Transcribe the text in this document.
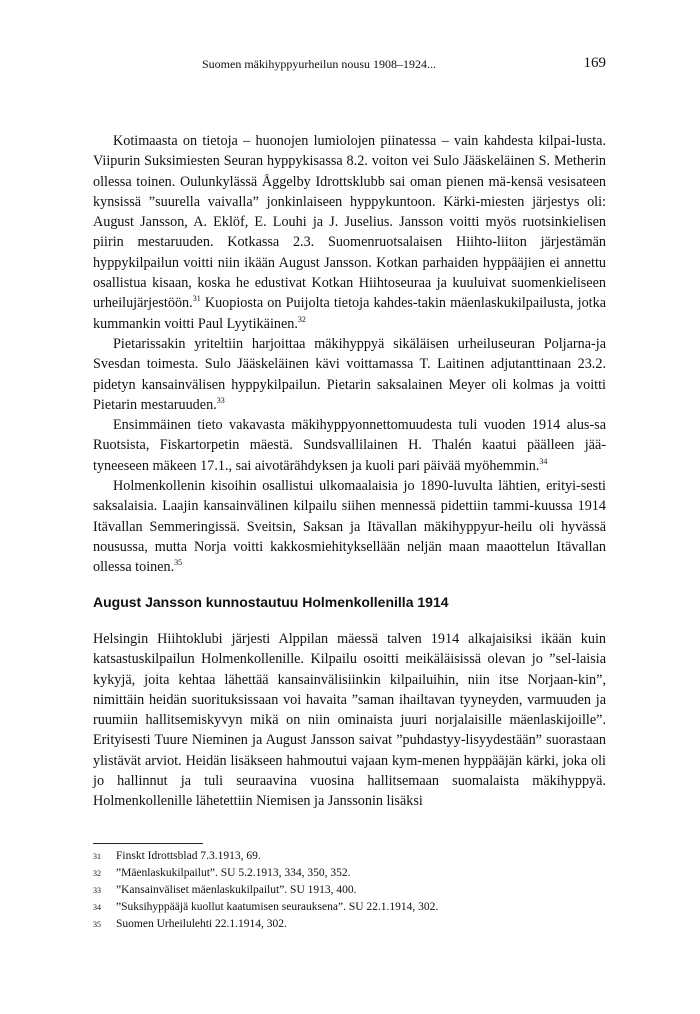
Suomen mäkihyppyurheilun nousu 1908–1924...	169

Kotimaasta on tietoja – huonojen lumiolojen piinatessa – vain kahdesta kilpai-lusta. Viipurin Suksimiesten Seuran hyppykisassa 8.2. voiton vei Sulo Jääskeläinen S. Metherin ollessa toinen. Oulunkylässä Åggelby Idrottsklubb sai oman pienen mä-kensä vesisateen kynsissä ”suurella vaivalla” jonkinlaiseen hyppykuntoon. Kärki-miesten järjestys oli: August Jansson, A. Eklöf, E. Louhi ja J. Juselius. Jansson voitti myös ruotsinkielisen piirin mestaruuden. Kotkassa 2.3. Suomenruotsalaisen Hiihto-liiton järjestämän hyppykilpailun voitti niin ikään August Jansson. Kotkan parhaiden hyppääjien ei annettu osallistua kisaan, koska he edustivat Kotkan Hiihtoseuraa ja kuuluivat suomenkieliseen urheilujärjestöön.$^{31}$ Kuopiosta on Puijolta tietoja kahdes-takin mäenlaskukilpailusta, jotka kummankin voitti Paul Lyytikäinen.$^{32}$

Pietarissakin yriteltiin harjoittaa mäkihyppyä sikäläisen urheiluseuran Poljarna-ja Svesdan toimesta. Sulo Jääskeläinen kävi voittamassa T. Laitinen adjutanttinaan 23.2. pidetyn kansainvälisen hyppykilpailun. Pietarin saksalainen Meyer oli kolmas ja voitti Pietarin mestaruuden.$^{33}$

Ensimmäinen tieto vakavasta mäkihyppyonnettomuudesta tuli vuoden 1914 alus-sa Ruotsista, Fiskartorpetin mäestä. Sundsvallilainen H. Thalén kaatui päälleen jää-tyneeseen mäkeen 17.1., sai aivotärähdyksen ja kuoli pari päivää myöhemmin.$^{34}$

Holmenkollenin kisoihin osallistui ulkomaalaisia jo 1890-luvulta lähtien, erityi-sesti saksalaisia. Laajin kansainvälinen kilpailu siihen mennessä pidettiin tammi-kuussa 1914 Itävallan Semmeringissä. Sveitsin, Saksan ja Itävallan mäkihyppyur-heilu oli hyvässä nousussa, mutta Norja voitti kakkosmiehityksellään neljän maan maaottelun Itävallan ollessa toinen.$^{35}$

August Jansson kunnostautuu Holmenkollenilla 1914

Helsingin Hiihtoklubi järjesti Alppilan mäessä talven 1914 alkajaisiksi ikään kuin katsastuskilpailun Holmenkollenille. Kilpailu osoitti meikäläisissä olevan jo ”sel-laisia kykyjä, joita kehtaa lähettää kansainvälisiinkin kilpailuihin, niin itse Norjaan-kin”, nimittäin heidän suorituksissaan voi havaita ”saman ihailtavan tyyneyden, varmuuden ja ruumiin hallitsemiskyvyn mikä on niin ominaista juuri norjalaisille mäenlaskijoille”. Erityisesti Tuure Nieminen ja August Jansson saivat ”puhdastyy-lisyydestään” suorastaan ylistävät arviot. Heidän lisäkseen hahmoutui vajaan kym-menen hyppääjän kärki, joka oli jo hallinnut ja tuli seuraavina vuosina hallitsemaan suomalaista mäkihyppyä. Holmenkollenille lähetettiin Niemisen ja Janssonin lisäksi

31	Finskt Idrottsblad 7.3.1913, 69.
32	”Mäenlaskukilpailut”. SU 5.2.1913, 334, 350, 352.
33	”Kansainväliset mäenlaskukilpailut”. SU 1913, 400.
34	”Suksihyppääjä kuollut kaatumisen seurauksena”. SU 22.1.1914, 302.
35	Suomen Urheilulehti 22.1.1914, 302.
